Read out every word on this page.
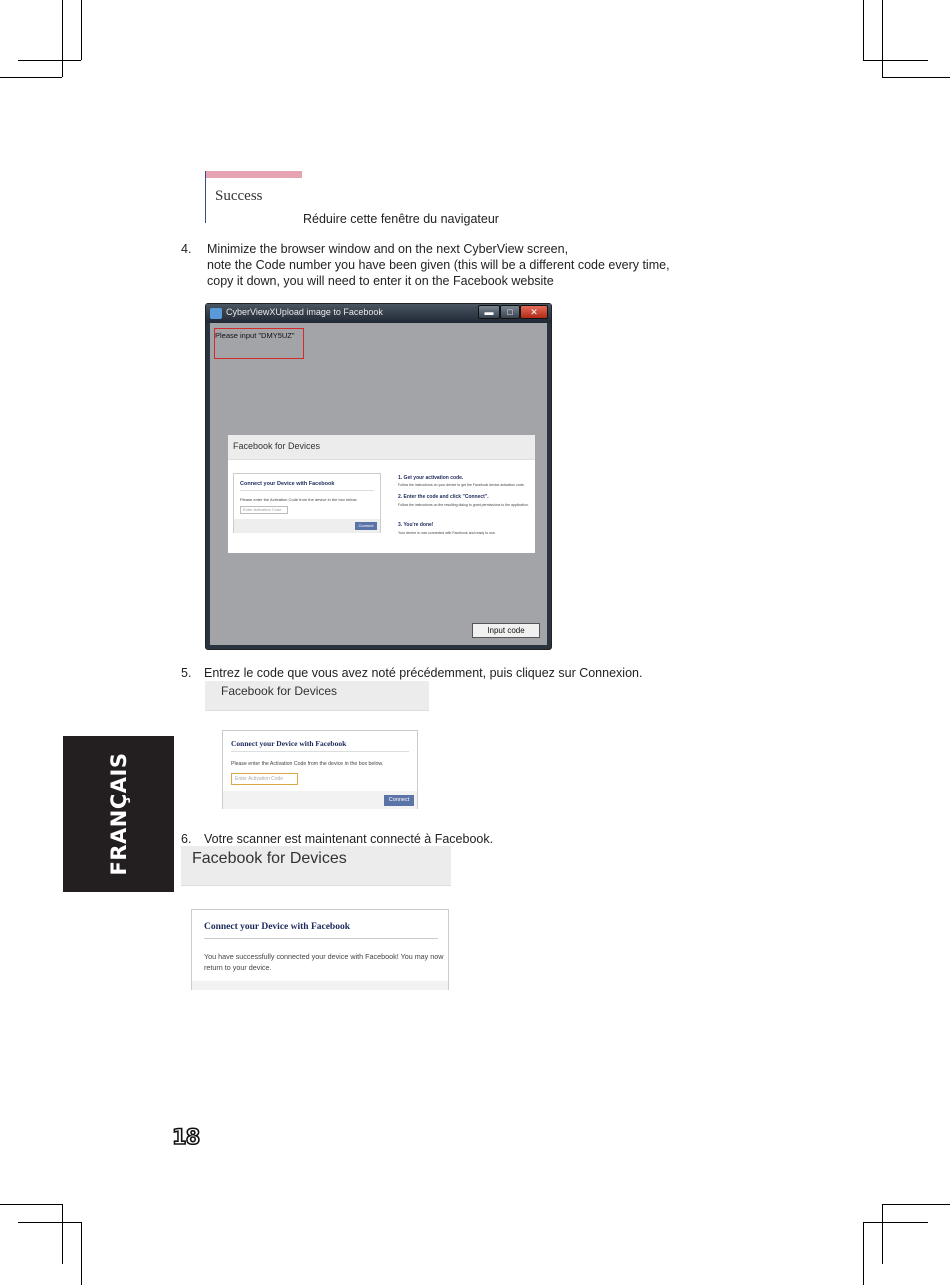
Success
Réduire cette fenêtre du navigateur
4. Minimize the browser window and on the next CyberView screen,
note the Code number you have been given (this will be a different code every time,
copy it down, you will need to enter it on the Facebook website
CyberViewXUpload image to Facebook	▬	□	✕
Please input "DMY5UZ"
Facebook for Devices
Connect your Device with Facebook
Please enter the Activation Code from the device in the box below.
Enter Activation Code
Connect
1. Get your activation code.
Follow the instructions on your device to get the Facebook device activation code.
2. Enter the code and click "Connect".
Follow the instructions on the resulting dialog to grant permissions to the application.
3. You're done!
Your device is now connected with Facebook and ready to use.
Input code
5. Entrez le code que vous avez noté précédemment, puis cliquez sur Connexion.
Facebook for Devices
Connect your Device with Facebook
Please enter the Activation Code from the device in the box below.
Enter Activation Code
Connect
6. Votre scanner est maintenant connecté à Facebook.
Facebook for Devices
Connect your Device with Facebook
You have successfully connected your device with Facebook! You may now return to your device.
FRANÇAIS
18
